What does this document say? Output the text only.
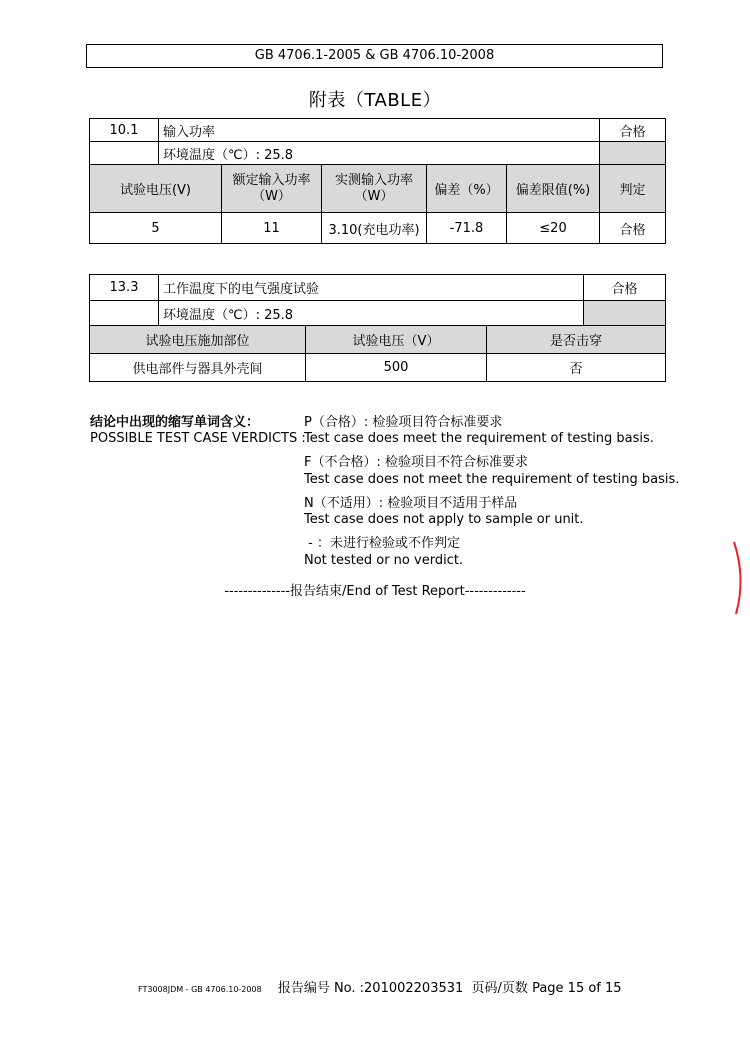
GB 4706.1-2005 & GB 4706.10-2008
附表（TABLE）
10.1	输入功率					合格
	环境温度（℃）: 25.8					
试验电压(V)		额定输入功率（W）	实测输入功率（W）	偏差（%）	偏差限值(%)	判定
5		11	3.10(充电功率)	-71.8	≤20	合格
13.3	工作温度下的电气强度试验			合格
	环境温度（℃）: 25.8			
试验电压施加部位		试验电压（V）	是否击穿	
供电部件与器具外壳间		500	否	
结论中出现的缩写单词含义：
POSSIBLE TEST CASE VERDICTS :
P（合格）: 检验项目符合标准要求
Test case does meet the requirement of testing basis.
F（不合格）: 检验项目不符合标准要求
Test case does not meet the requirement of testing basis.
N（不适用）: 检验项目不适用于样品
Test case does not apply to sample or unit.
- ：未进行检验或不作判定
Not tested or no verdict.
--------------报告结束/End of Test Report-------------
FT3008JDM - GB 4706.10-2008 报告编号 No. :201002203531  页码/页数 Page 15 of 15
